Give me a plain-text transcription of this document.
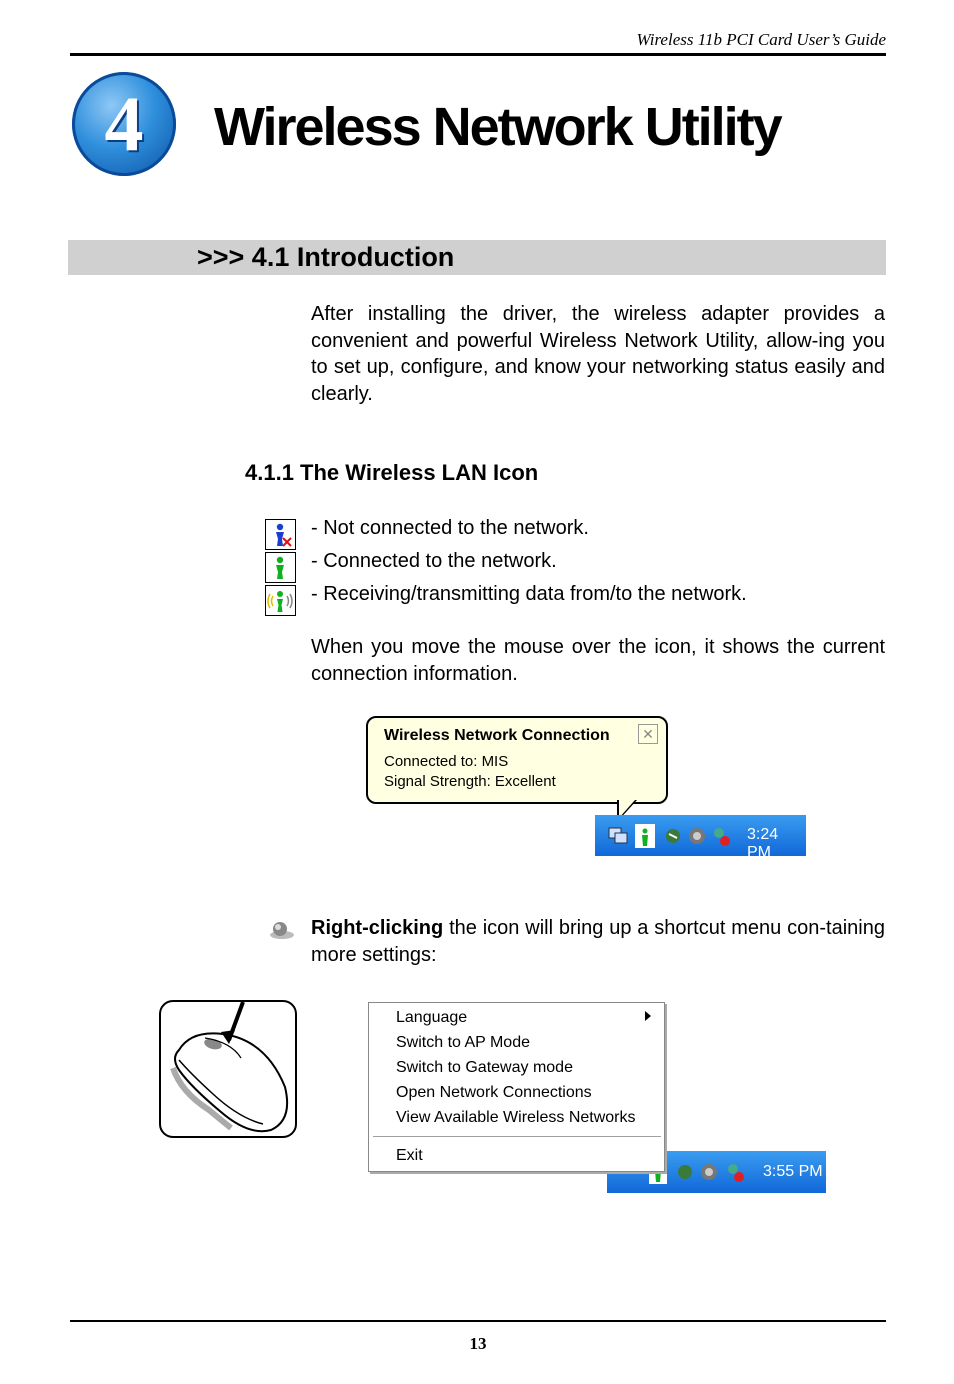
Wireless 11b PCI Card User’s Guide
4	Wireless Network Utility
>>> 4.1 Introduction
After installing the driver, the wireless adapter provides a convenient and powerful Wireless Network Utility, allow-ing you to set up, configure, and know your networking status easily and clearly.
4.1.1 The Wireless LAN Icon
- Not connected to the network.
- Connected to the network.
- Receiving/transmitting data from/to the network.
When you move the mouse over the icon, it shows the current connection information.
Wireless Network Connection ✕
Connected to: MIS
Signal Strength: Excellent
3:24 PM
Right-clicking the icon will bring up a shortcut menu con-taining more settings:
Language
Switch to AP Mode
Switch to Gateway mode
Open Network Connections
View Available Wireless Networks
Exit
3:55 PM
13
